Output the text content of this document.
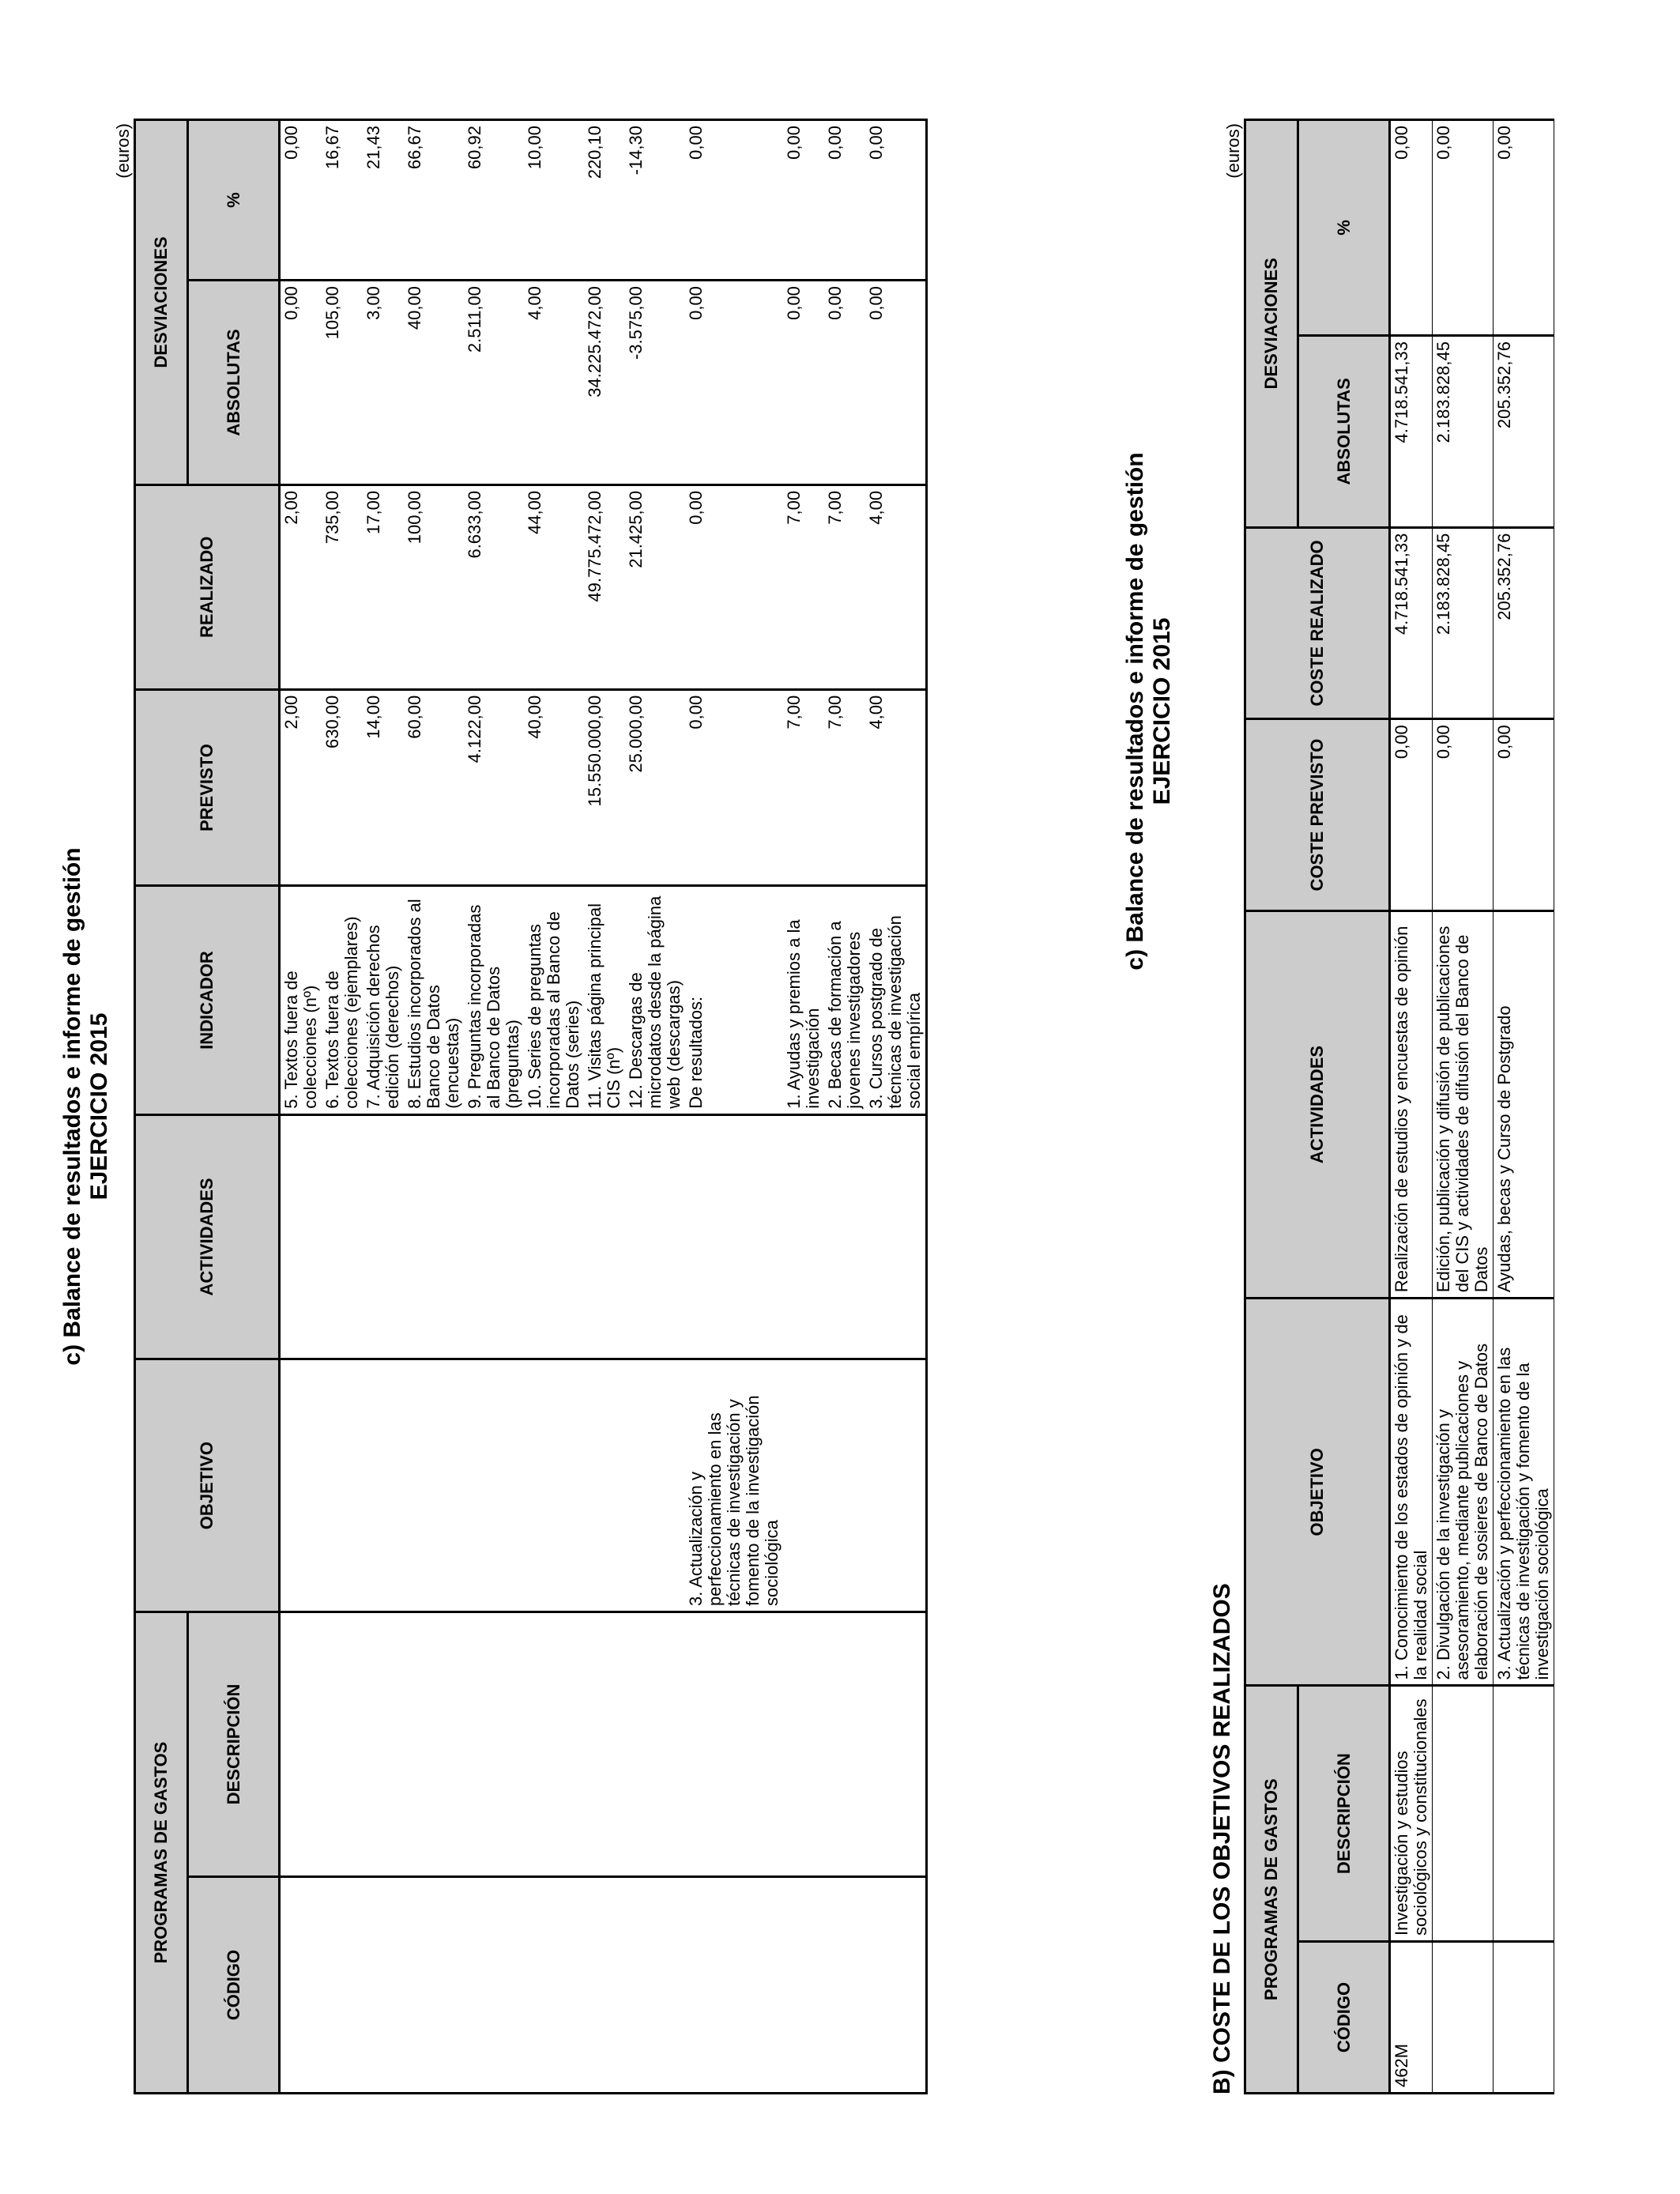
c) Balance de resultados e informe de gestión EJERCICIO 2015
(euros)
PROGRAMAS DE GASTOS		OBJETIVO	ACTIVIDADES	INDICADOR	PREVISTO	REALIZADO	DESVIACIONES	
CÓDIGO	DESCRIPCIÓN						ABSOLUTAS	%
				5. Textos fuera de colecciones (nº)	2,00	2,00	0,00	0,00
				6. Textos fuera de colecciones (ejemplares)	630,00	735,00	105,00	16,67
				7. Adquisición derechos edición (derechos)	14,00	17,00	3,00	21,43
				8. Estudios incorporados al Banco de Datos (encuestas)	60,00	100,00	40,00	66,67
				9. Preguntas incorporadas al Banco de Datos (preguntas)	4.122,00	6.633,00	2.511,00	60,92
				10. Series de preguntas incorporadas al Banco de Datos (series)	40,00	44,00	4,00	10,00
				11. Visitas página principal CIS (nº)	15.550.000,00	49.775.472,00	34.225.472,00	220,10
				12. Descargas de microdatos desde la página web (descargas)	25.000,00	21.425,00	-3.575,00	-14,30
		3. Actualización y perfeccionamiento en las técnicas de investigación y fomento de la investigación sociológica		De resultados:	0,00	0,00	0,00	0,00
				1. Ayudas y premios a la investigación	7,00	7,00	0,00	0,00
				2. Becas de formación a jovenes investigadores	7,00	7,00	0,00	0,00
				3. Cursos postgrado de técnicas de investigación social empírica	4,00	4,00	0,00	0,00
B) COSTE DE LOS OBJETIVOS REALIZADOS
c) Balance de resultados e informe de gestión EJERCICIO 2015
(euros)
PROGRAMAS DE GASTOS		OBJETIVO	ACTIVIDADES	COSTE PREVISTO	COSTE REALIZADO	DESVIACIONES	
CÓDIGO	DESCRIPCIÓN					ABSOLUTAS	%
462M	Investigación y estudios sociológicos y constitucionales	1. Conocimiento de los estados de opinión y de la realidad social	Realización de estudios y encuestas de opinión	0,00	4.718.541,33	4.718.541,33	0,00
		2. Divulgación de la investigación y asesoramiento, mediante publicaciones y elaboración de sosieres de Banco de Datos	Edición, publicación y difusión de publicaciones del CIS y actividades de difusión del Banco de Datos	0,00	2.183.828,45	2.183.828,45	0,00
		3. Actualización y perfeccionamiento en las técnicas de investigación y fomento de la investigación sociológica	Ayudas, becas y Curso de Postgrado	0,00	205.352,76	205.352,76	0,00
